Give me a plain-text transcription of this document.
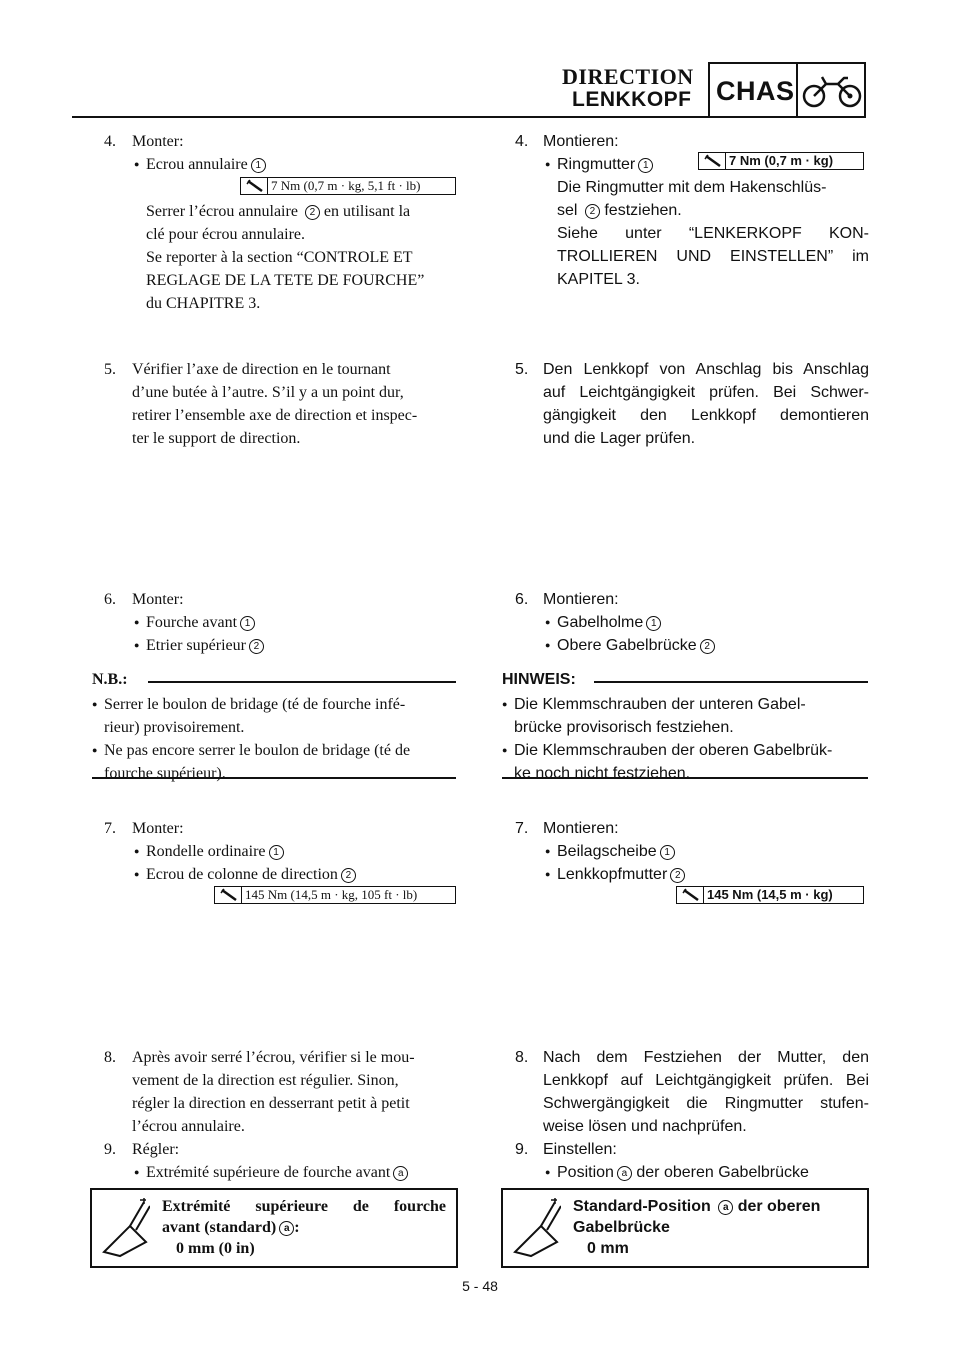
DIRECTION
LENKKOPF CHAS
4. Monter:
● Ecrou annulaire 1
7 Nm (0,7 m · kg, 5,1 ft · lb)
Serrer l’écrou annulaire 2 en utilisant la
clé pour écrou annulaire.
Se reporter à la section “CONTROLE ET
REGLAGE DE LA TETE DE FOURCHE”
du CHAPITRE 3.
5. Vérifier l’axe de direction en le tournant
d’une butée à l’autre. S’il y a un point dur,
retirer l’ensemble axe de direction et inspec-
ter le support de direction.
6. Monter:
● Fourche avant 1
● Etrier supérieur 2
N.B.:
● Serrer le boulon de bridage (té de fourche infé-
rieur) provisoirement.
● Ne pas encore serrer le boulon de bridage (té de
fourche supérieur).
7. Monter:
● Rondelle ordinaire 1
● Ecrou de colonne de direction 2
145 Nm (14,5 m · kg, 105 ft · lb)
8. Après avoir serré l’écrou, vérifier si le mou-
vement de la direction est régulier. Sinon,
régler la direction en desserrant petit à petit
l’écrou annulaire.
9. Régler:
● Extrémité supérieure de fourche avant a
Extrémité supérieure de fourche
avant (standard) a :
0 mm (0 in)
4. Montieren:
● Ringmutter 1
Die Ringmutter mit dem Hakenschlüs-
sel 2 festziehen.
Siehe unter “LENKERKOPF KON-
TROLLIEREN UND EINSTELLEN” im
KAPITEL 3.
7 Nm (0,7 m · kg)
5. Den Lenkkopf von Anschlag bis Anschlag
auf Leichtgängigkeit prüfen. Bei Schwer-
gängigkeit den Lenkkopf demontieren
und die Lager prüfen.
6. Montieren:
● Gabelholme 1
● Obere Gabelbrücke 2
HINWEIS:
● Die Klemmschrauben der unteren Gabel-
brücke provisorisch festziehen.
● Die Klemmschrauben der oberen Gabelbrük-
ke noch nicht festziehen.
7. Montieren:
● Beilagscheibe 1
● Lenkkopfmutter 2
145 Nm (14,5 m · kg)
8. Nach dem Festziehen der Mutter, den
Lenkkopf auf Leichtgängigkeit prüfen. Bei
Schwergängigkeit die Ringmutter stufen-
weise lösen und nachprüfen.
9. Einstellen:
● Position a der oberen Gabelbrücke
Standard-Position a der oberen
Gabelbrücke
0 mm
5 - 48
